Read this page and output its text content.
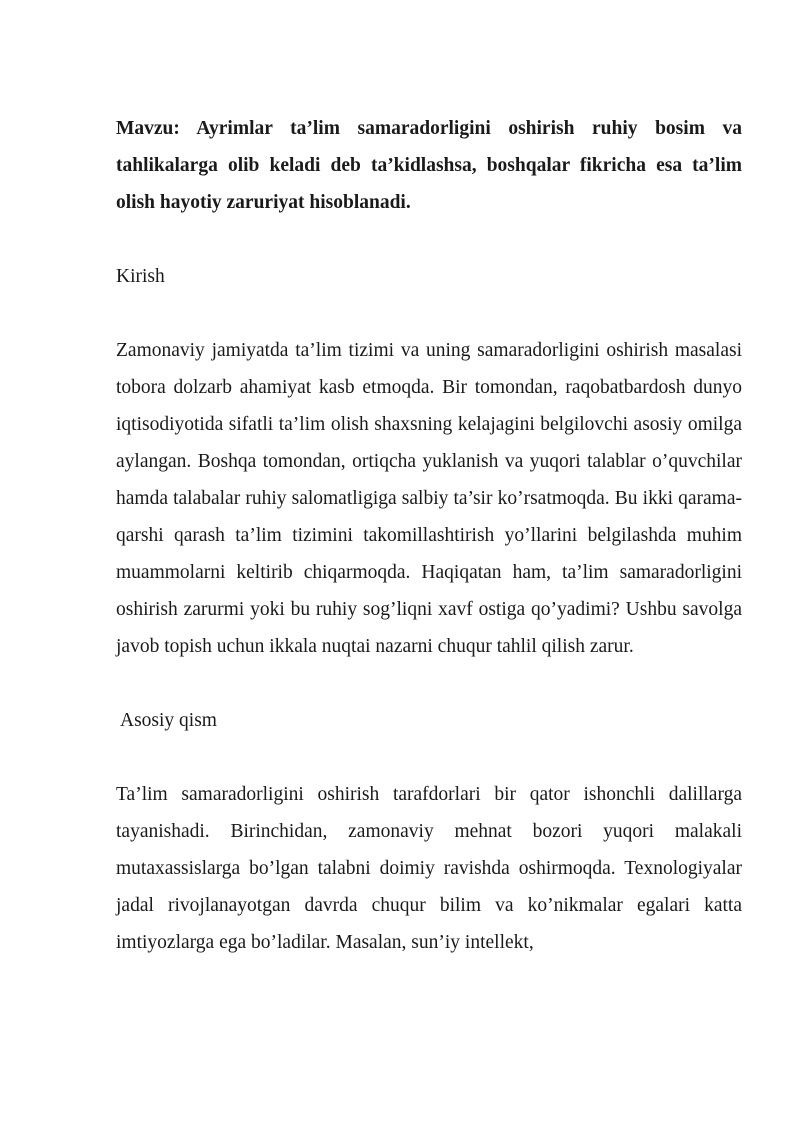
Mavzu: Ayrimlar ta’lim samaradorligini oshirish ruhiy bosim va tahlikalarga olib keladi deb ta’kidlashsa, boshqalar fikricha esa ta’lim olish hayotiy zaruriyat hisoblanadi.

Kirish

Zamonaviy jamiyatda ta’lim tizimi va uning samaradorligini oshirish masalasi tobora dolzarb ahamiyat kasb etmoqda. Bir tomondan, raqobatbardosh dunyo iqtisodiyotida sifatli ta’lim olish shaxsning kelajagini belgilovchi asosiy omilga aylangan. Boshqa tomondan, ortiqcha yuklanish va yuqori talablar o’quvchilar hamda talabalar ruhiy salomatligiga salbiy ta’sir ko’rsatmoqda. Bu ikki qarama-qarshi qarash ta’lim tizimini takomillashtirish yo’llarini belgilashda muhim muammolarni keltirib chiqarmoqda. Haqiqatan ham, ta’lim samaradorligini oshirish zarurmi yoki bu ruhiy sog’liqni xavf ostiga qo’yadimi? Ushbu savolga javob topish uchun ikkala nuqtai nazarni chuqur tahlil qilish zarur.

Asosiy qism

Ta’lim samaradorligini oshirish tarafdorlari bir qator ishonchli dalillarga tayanishadi. Birinchidan, zamonaviy mehnat bozori yuqori malakali mutaxassislarga bo’lgan talabni doimiy ravishda oshirmoqda. Texnologiyalar jadal rivojlanayotgan davrda chuqur bilim va ko’nikmalar egalari katta imtiyozlarga ega bo’ladilar. Masalan, sun’iy intellekt,
